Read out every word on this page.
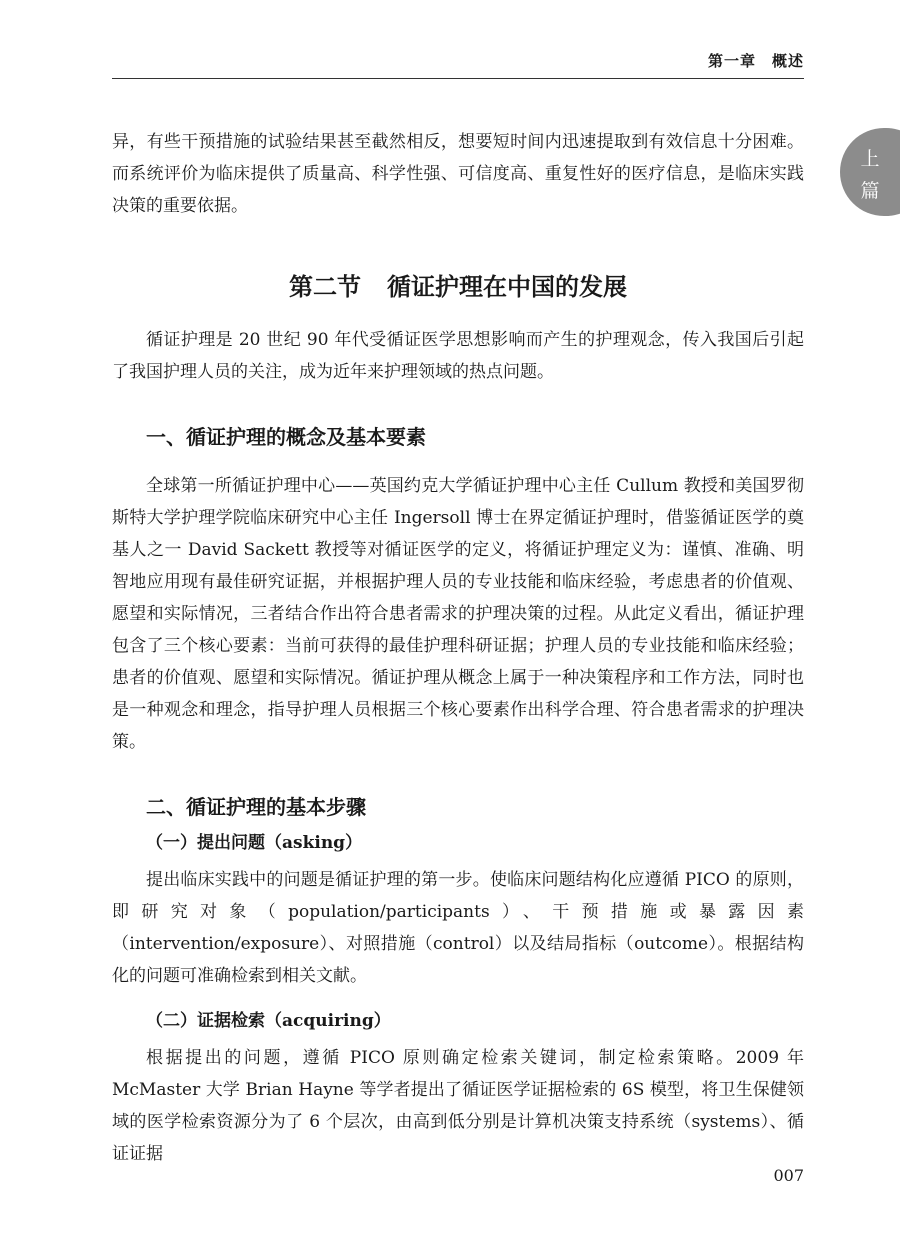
第一章　概述
上
篇

异，有些干预措施的试验结果甚至截然相反，想要短时间内迅速提取到有效信息十分困难。而系统评价为临床提供了质量高、科学性强、可信度高、重复性好的医疗信息，是临床实践决策的重要依据。

第二节 循证护理在中国的发展

循证护理是 20 世纪 90 年代受循证医学思想影响而产生的护理观念，传入我国后引起了我国护理人员的关注，成为近年来护理领域的热点问题。

一、循证护理的概念及基本要素

全球第一所循证护理中心——英国约克大学循证护理中心主任 Cullum 教授和美国罗彻斯特大学护理学院临床研究中心主任 Ingersoll 博士在界定循证护理时，借鉴循证医学的奠基人之一 David Sackett 教授等对循证医学的定义，将循证护理定义为：谨慎、准确、明智地应用现有最佳研究证据，并根据护理人员的专业技能和临床经验，考虑患者的价值观、愿望和实际情况，三者结合作出符合患者需求的护理决策的过程。从此定义看出，循证护理包含了三个核心要素：当前可获得的最佳护理科研证据；护理人员的专业技能和临床经验；患者的价值观、愿望和实际情况。循证护理从概念上属于一种决策程序和工作方法，同时也是一种观念和理念，指导护理人员根据三个核心要素作出科学合理、符合患者需求的护理决策。

二、循证护理的基本步骤
（一）提出问题（asking）

提出临床实践中的问题是循证护理的第一步。使临床问题结构化应遵循 PICO 的原则，即研究对象（population/participants）、干预措施或暴露因素（intervention/exposure）、对照措施（control）以及结局指标（outcome）。根据结构化的问题可准确检索到相关文献。

（二）证据检索（acquiring）

根据提出的问题，遵循 PICO 原则确定检索关键词，制定检索策略。2009 年 McMaster 大学 Brian Hayne 等学者提出了循证医学证据检索的 6S 模型，将卫生保健领域的医学检索资源分为了 6 个层次，由高到低分别是计算机决策支持系统（systems）、循证证据

007
